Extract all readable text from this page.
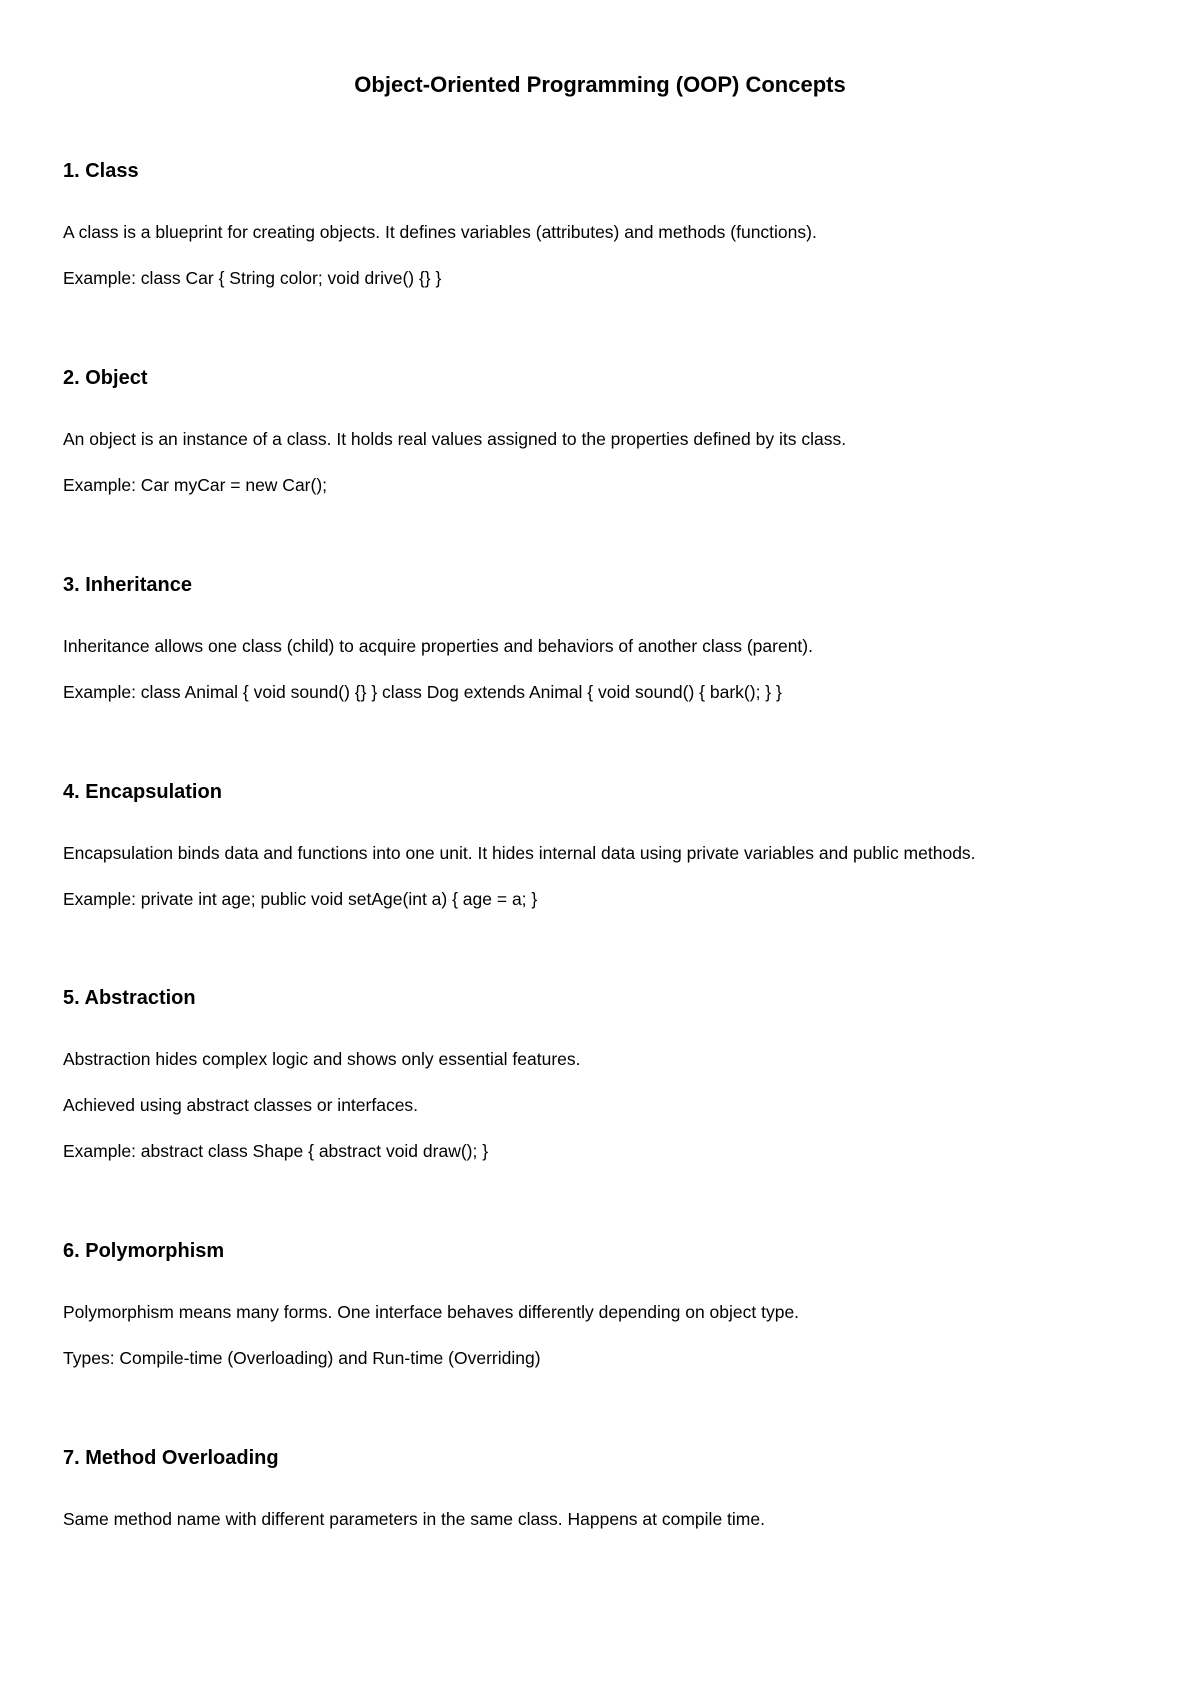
Object-Oriented Programming (OOP) Concepts
1. Class

A class is a blueprint for creating objects. It defines variables (attributes) and methods (functions).

Example: class Car { String color; void drive() {} }

2. Object

An object is an instance of a class. It holds real values assigned to the properties defined by its class.

Example: Car myCar = new Car();

3. Inheritance

Inheritance allows one class (child) to acquire properties and behaviors of another class (parent).

Example: class Animal { void sound() {} } class Dog extends Animal { void sound() { bark(); } }

4. Encapsulation

Encapsulation binds data and functions into one unit. It hides internal data using private variables and public methods.

Example: private int age; public void setAge(int a) { age = a; }

5. Abstraction

Abstraction hides complex logic and shows only essential features.

Achieved using abstract classes or interfaces.

Example: abstract class Shape { abstract void draw(); }

6. Polymorphism

Polymorphism means many forms. One interface behaves differently depending on object type.

Types: Compile-time (Overloading) and Run-time (Overriding)

7. Method Overloading

Same method name with different parameters in the same class. Happens at compile time.
